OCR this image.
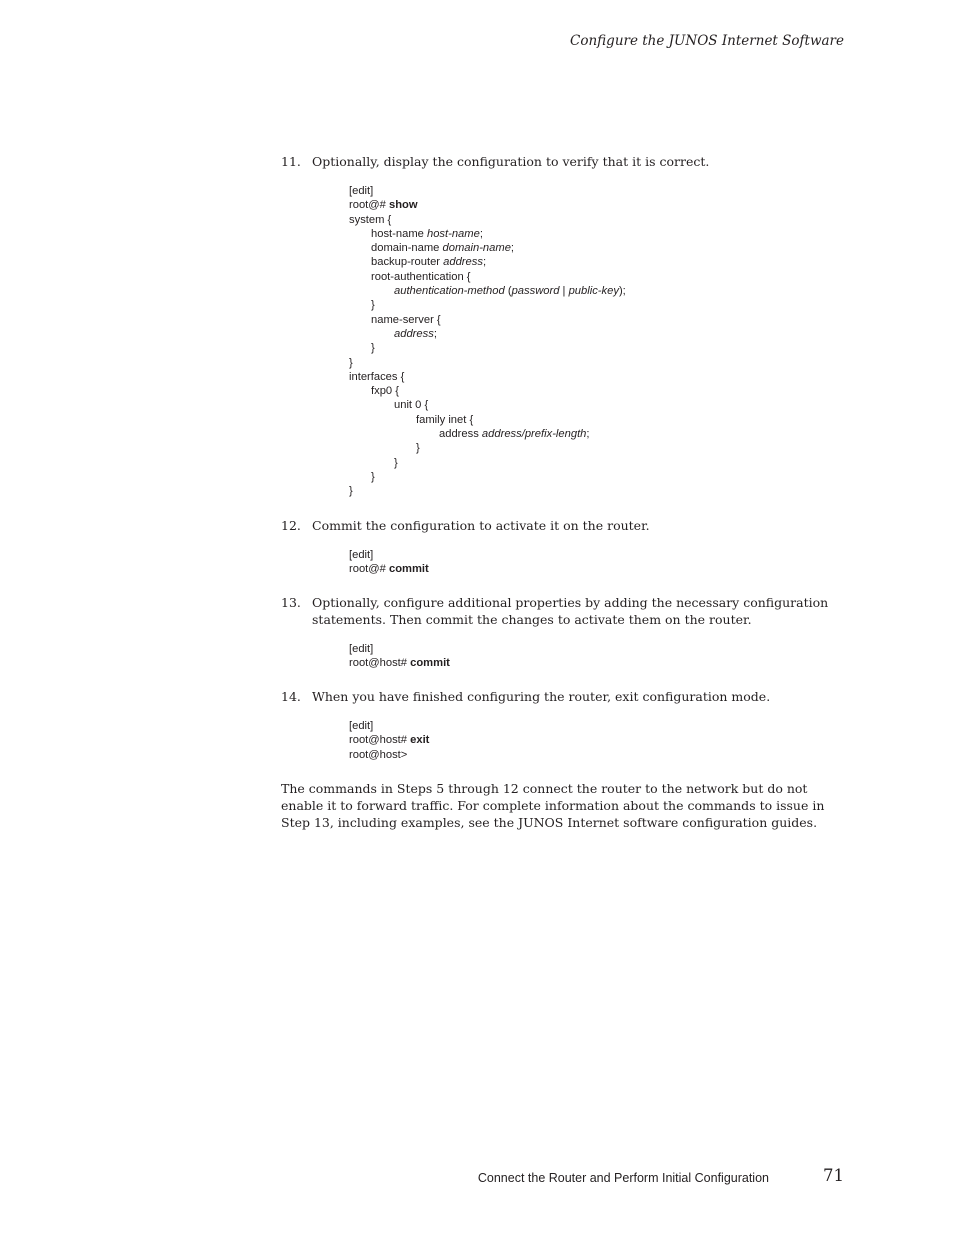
Configure the JUNOS Internet Software
11. Optionally, display the configuration to verify that it is correct.
[edit]
root@# show
system {
host-name host-name;
domain-name domain-name;
backup-router address;
root-authentication {
authentication-method (password | public-key);
}
name-server {
address;
}
}
interfaces {
fxp0 {
unit 0 {
family inet {
address address/prefix-length;
}
}
}
}
12. Commit the configuration to activate it on the router.
[edit]
root@# commit
13. Optionally, configure additional properties by adding the necessary configuration statements. Then commit the changes to activate them on the router.
[edit]
root@host# commit
14. When you have finished configuring the router, exit configuration mode.
[edit]
root@host# exit
root@host>
The commands in Steps 5 through 12 connect the router to the network but do not enable it to forward traffic. For complete information about the commands to issue in Step 13, including examples, see the JUNOS Internet software configuration guides.
Connect the Router and Perform Initial Configuration	71
